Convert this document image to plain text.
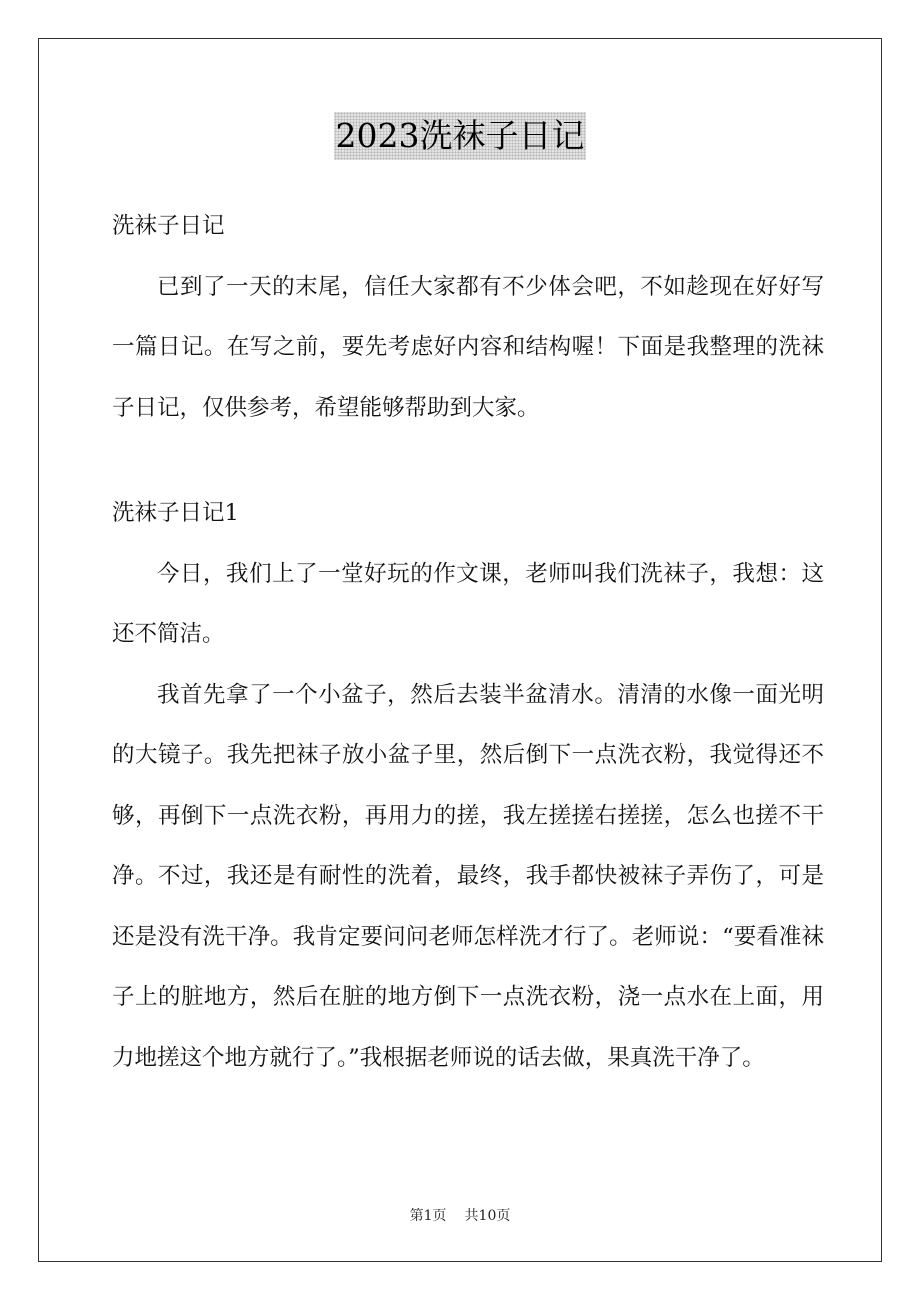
2023洗袜子日记

洗袜子日记

已到了一天的末尾，信任大家都有不少体会吧，不如趁现在好好写一篇日记。在写之前，要先考虑好内容和结构喔！下面是我整理的洗袜子日记，仅供参考，希望能够帮助到大家。

洗袜子日记1

今日，我们上了一堂好玩的作文课，老师叫我们洗袜子，我想：这还不简洁。

我首先拿了一个小盆子，然后去装半盆清水。清清的水像一面光明的大镜子。我先把袜子放小盆子里，然后倒下一点洗衣粉，我觉得还不够，再倒下一点洗衣粉，再用力的搓，我左搓搓右搓搓，怎么也搓不干净。不过，我还是有耐性的洗着，最终，我手都快被袜子弄伤了，可是还是没有洗干净。我肯定要问问老师怎样洗才行了。老师说：“要看准袜子上的脏地方，然后在脏的地方倒下一点洗衣粉，浇一点水在上面，用力地搓这个地方就行了。”我根据老师说的话去做，果真洗干净了。

第1页 共10页
